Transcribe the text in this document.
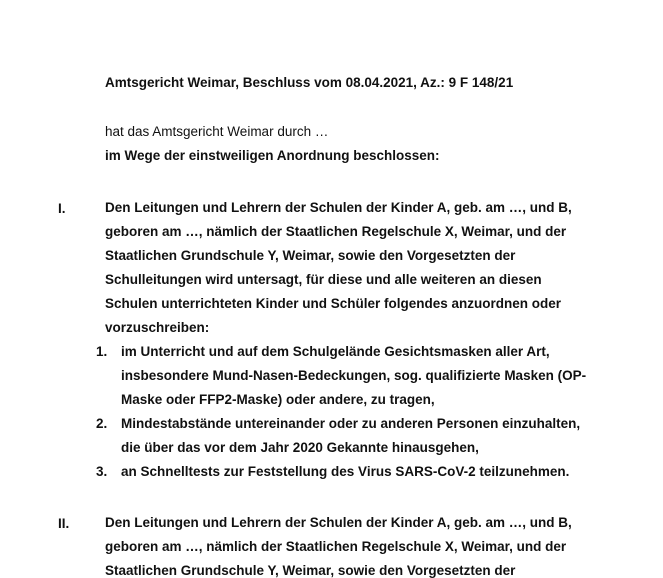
Amtsgericht Weimar, Beschluss vom 08.04.2021, Az.: 9 F 148/21
hat das Amtsgericht Weimar durch …
im Wege der einstweiligen Anordnung beschlossen:
I.	Den Leitungen und Lehrern der Schulen der Kinder A, geb. am …, und B,
geboren am …, nämlich der Staatlichen Regelschule X, Weimar, und der
Staatlichen Grundschule Y, Weimar, sowie den Vorgesetzten der
Schulleitungen wird untersagt, für diese und alle weiteren an diesen
Schulen unterrichteten Kinder und Schüler folgendes anzuordnen oder
vorzuschreiben:
1. im Unterricht und auf dem Schulgelände Gesichtsmasken aller Art,
insbesondere Mund-Nasen-Bedeckungen, sog. qualifizierte Masken (OP-
Maske oder FFP2-Maske) oder andere, zu tragen,
2. Mindestabstände untereinander oder zu anderen Personen einzuhalten,
die über das vor dem Jahr 2020 Gekannte hinausgehen,
3. an Schnelltests zur Feststellung des Virus SARS-CoV-2 teilzunehmen.
II.	Den Leitungen und Lehrern der Schulen der Kinder A, geb. am …, und B,
geboren am …, nämlich der Staatlichen Regelschule X, Weimar, und der
Staatlichen Grundschule Y, Weimar, sowie den Vorgesetzten der
